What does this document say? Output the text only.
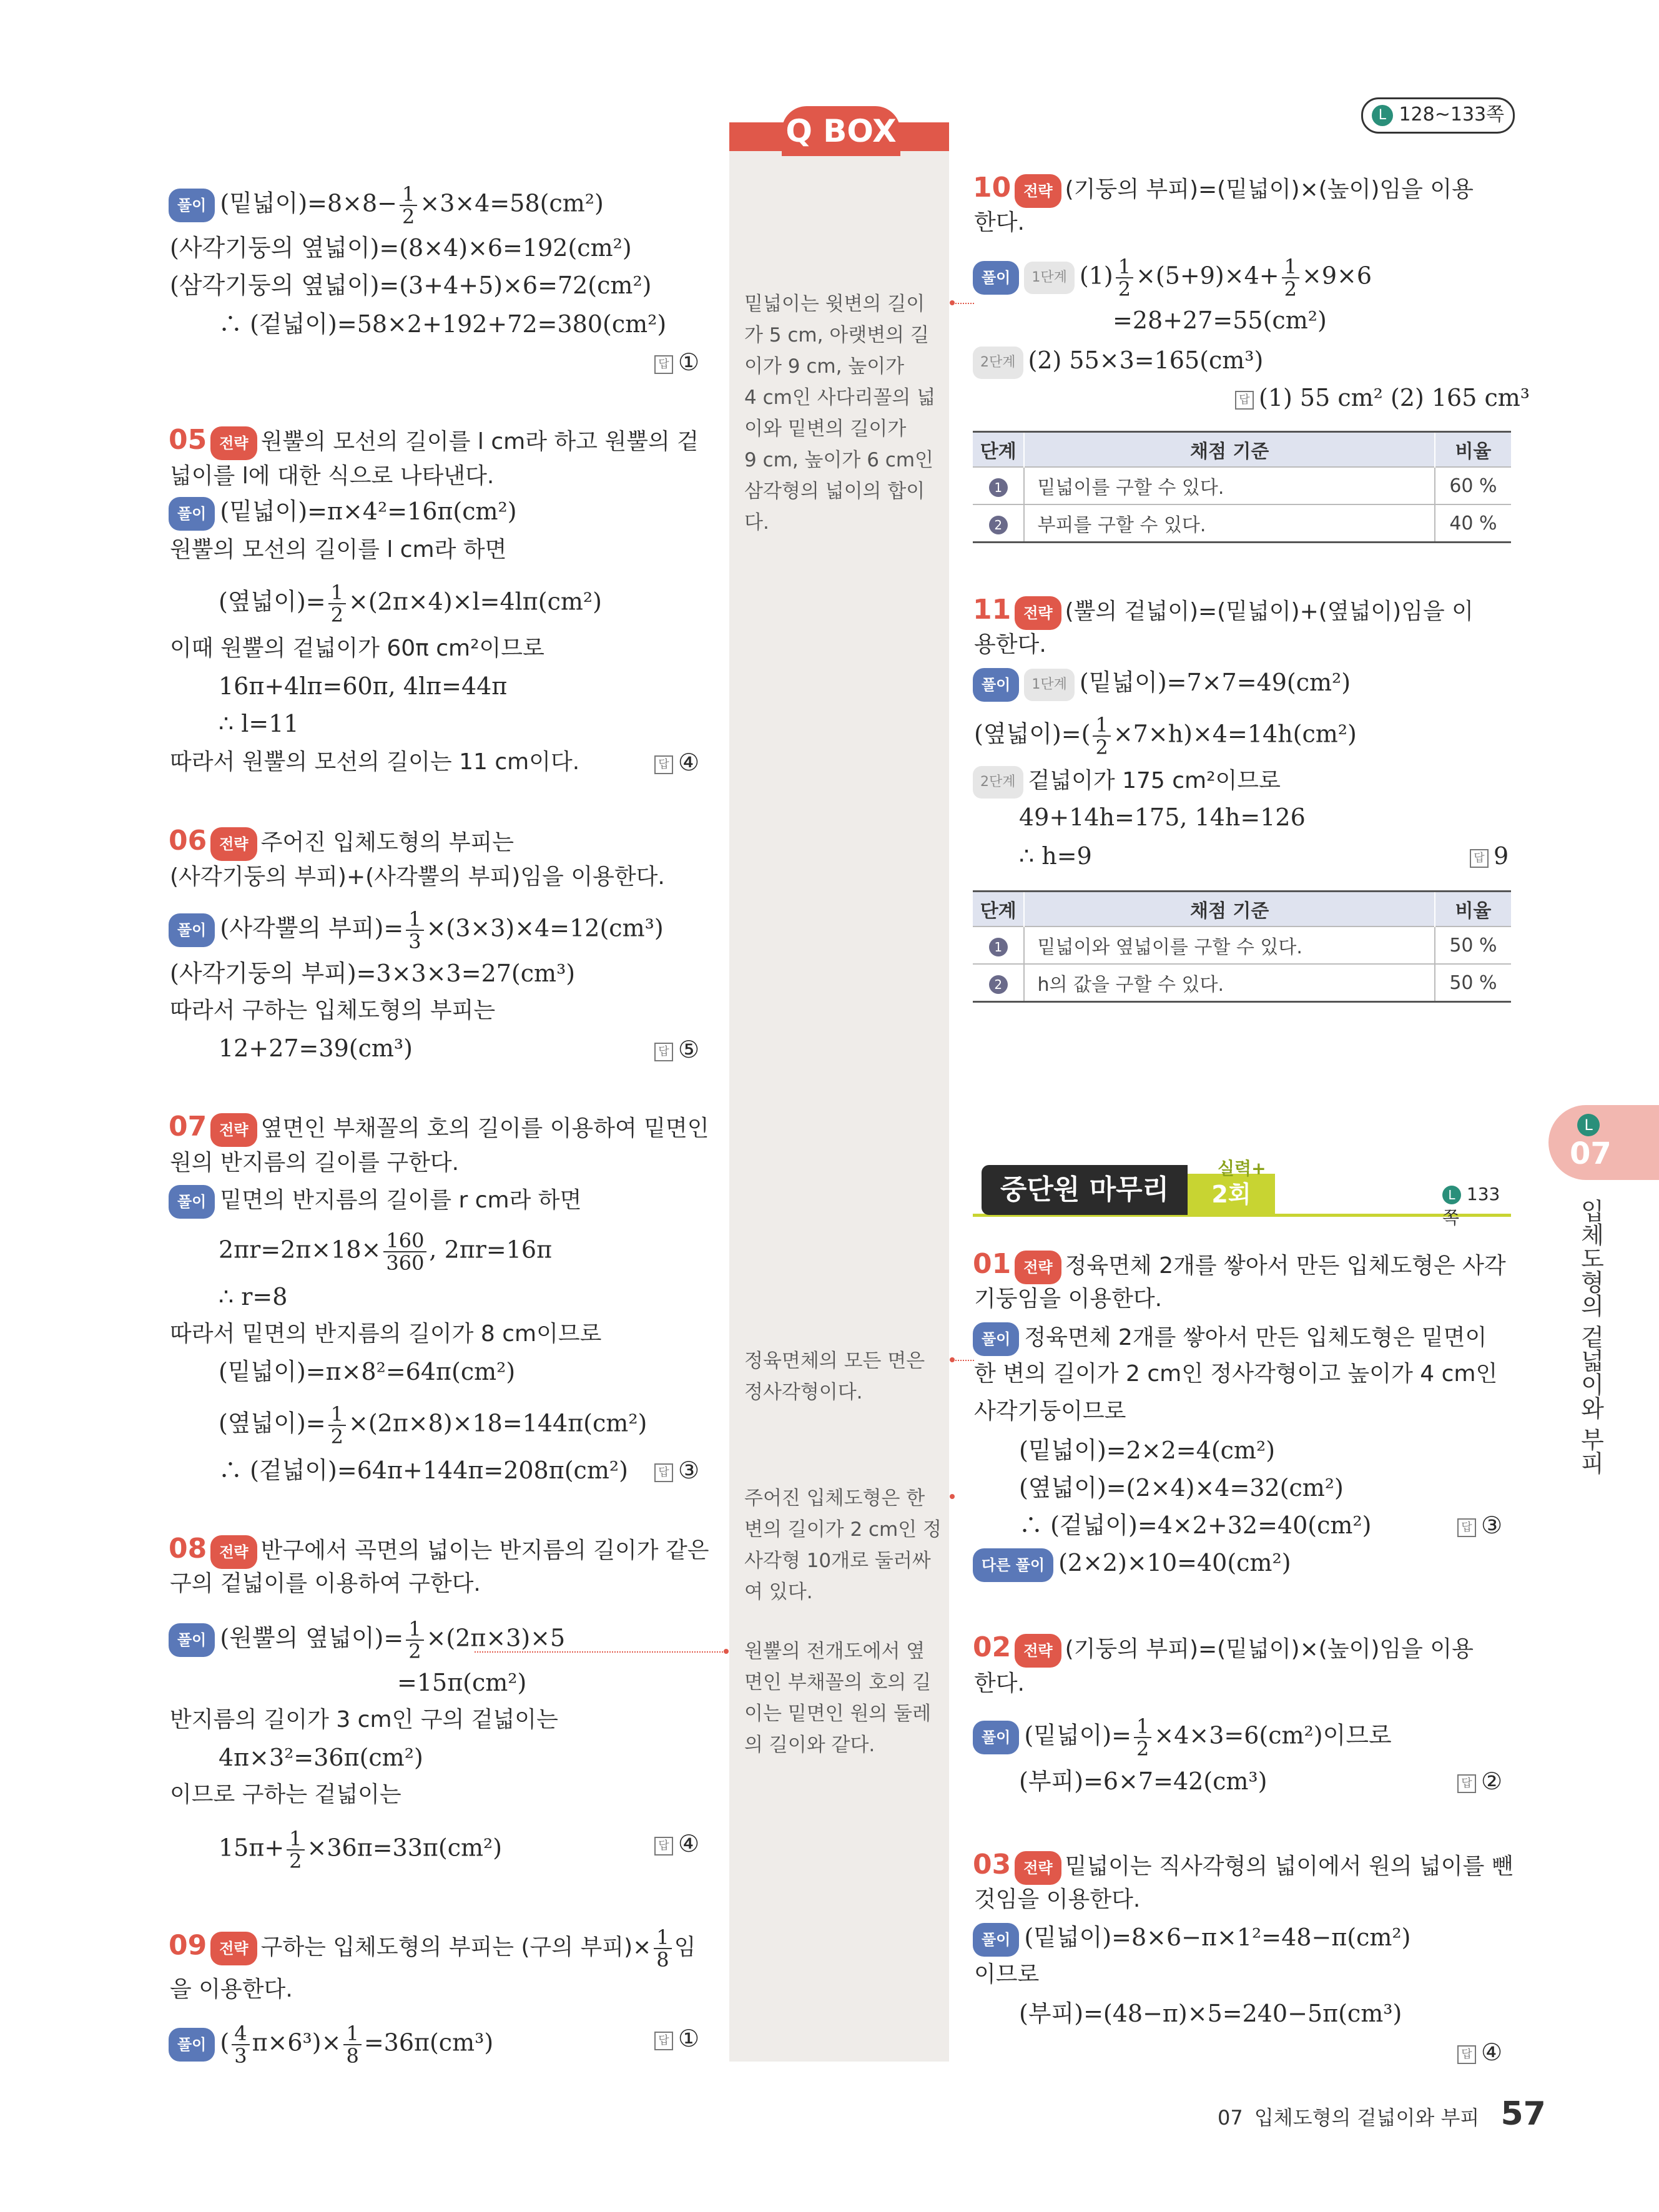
L 128~133쪽
Q BOX
밑넓이는 윗변의 길이
가 5 cm, 아랫변의 길
이가 9 cm, 높이가
4 cm인 사다리꼴의 넓
이와 밑변의 길이가
9 cm, 높이가 6 cm인
삼각형의 넓이의 합이
다.
정육면체의 모든 면은
정사각형이다.
주어진 입체도형은 한
변의 길이가 2 cm인 정
사각형 10개로 둘러싸
여 있다.
원뿔의 전개도에서 옆
면인 부채꼴의 호의 길
이는 밑면인 원의 둘레
의 길이와 같다.
풀이 (밑넓이)$=8\times 8- \frac{1}{2} \times 3\times 4=58(cm^2)$
(사각기둥의 옆넓이)=(8×4)×6=192(cm²)
(삼각기둥의 옆넓이)=(3+4+5)×6=72(cm²)
∴ (겉넓이)=58×2+192+72=380(cm²)
답 ①
05 전략 원뿔의 모선의 길이를 l cm라 하고 원뿔의 겉
넓이를 l에 대한 식으로 나타낸다.
풀이 (밑넓이)=π×4²=16π(cm²)
원뿔의 모선의 길이를 l cm라 하면
(옆넓이)= $\frac{1}{2} \times(2\pi\times 4)\times l=4l\pi(cm^2)$
이때 원뿔의 겉넓이가 60π cm²이므로
16π+4lπ=60π, 4lπ=44π
∴ l=11
따라서 원뿔의 모선의 길이는 11 cm이다.	답 ④
06 전략 주어진 입체도형의 부피는
(사각기둥의 부피)+(사각뿔의 부피)임을 이용한다.
풀이 (사각뿔의 부피)= $\frac{1}{3} \times(3\times 3)\times 4=12(cm^3)$
(사각기둥의 부피)=3×3×3=27(cm³)
따라서 구하는 입체도형의 부피는
12+27=39(cm³)	답 ⑤
07 전략 옆면인 부채꼴의 호의 길이를 이용하여 밑면인
원의 반지름의 길이를 구한다.
풀이 밑면의 반지름의 길이를 r cm라 하면
$2\pi r=2\pi\times 18\times \frac{160}{360}$ , 2πr=16π
∴ r=8
따라서 밑면의 반지름의 길이가 8 cm이므로
(밑넓이)=π×8²=64π(cm²)
(옆넓이)= $\frac{1}{2} \times(2\pi\times 8)\times 18=144\pi(cm^2)$
∴ (겉넓이)=64π+144π=208π(cm²)	답 ③
08 전략 반구에서 곡면의 넓이는 반지름의 길이가 같은
구의 겉넓이를 이용하여 구한다.
풀이 (원뿔의 옆넓이)= $\frac{1}{2} \times(2\pi\times 3)\times 5$
=15π(cm²)
반지름의 길이가 3 cm인 구의 겉넓이는
4π×3²=36π(cm²)
이므로 구하는 겉넓이는
$15\pi+ \frac{1}{2} \times 36\pi=33\pi(cm^2)$	답 ④
09 전략 구하는 입체도형의 부피는 (구의 부피)× $\frac{1}{8}$ 임
을 이용한다.
풀이 ( $\frac{4}{3} \pi\times 6^3)\times \frac{1}{8} =36\pi(cm^3)$	답 ①
10 전략 (기둥의 부피)=(밑넓이)×(높이)임을 이용
한다.
풀이 1단계 $(1) \frac{1}{2} \times(5+9)\times 4+ \frac{1}{2} \times 9\times 6$
=28+27=55(cm²)
2단계 (2) 55×3=165(cm³)
답 (1) 55 cm² (2) 165 cm³
단계	채점 기준	비율
1	밑넓이를 구할 수 있다.	60 %
2	부피를 구할 수 있다.	40 %
11 전략 (뿔의 겉넓이)=(밑넓이)+(옆넓이)임을 이
용한다.
풀이 1단계 (밑넓이)=7×7=49(cm²)
(옆넓이)=( $\frac{1}{2} \times 7\times h)\times 4=14h(cm^2)$
2단계 겉넓이가 175 cm²이므로
49+14h=175, 14h=126
∴ h=9	답 9
단계	채점 기준	비율
1	밑넓이와 옆넓이를 구할 수 있다.	50 %
2	h의 값을 구할 수 있다.	50 %
중단원 마무리	2회
실력+
L 133쪽
01 전략 정육면체 2개를 쌓아서 만든 입체도형은 사각
기둥임을 이용한다.
풀이 정육면체 2개를 쌓아서 만든 입체도형은 밑면이
한 변의 길이가 2 cm인 정사각형이고 높이가 4 cm인
사각기둥이므로
(밑넓이)=2×2=4(cm²)
(옆넓이)=(2×4)×4=32(cm²)
∴ (겉넓이)=4×2+32=40(cm²)	답 ③
다른 풀이 (2×2)×10=40(cm²)
02 전략 (기둥의 부피)=(밑넓이)×(높이)임을 이용
한다.
풀이 (밑넓이)= $\frac{1}{2} \times 4\times 3=6(cm^2)$이므로
(부피)=6×7=42(cm³)	답 ②
03 전략 밑넓이는 직사각형의 넓이에서 원의 넓이를 뺀
것임을 이용한다.
풀이 (밑넓이)=8×6−π×1²=48−π(cm²)
이므로
(부피)=(48−π)×5=240−5π(cm³)
답 ④
L
07
입체도형의 겉넓이와 부피
07 입체도형의 겉넓이와 부피 57
